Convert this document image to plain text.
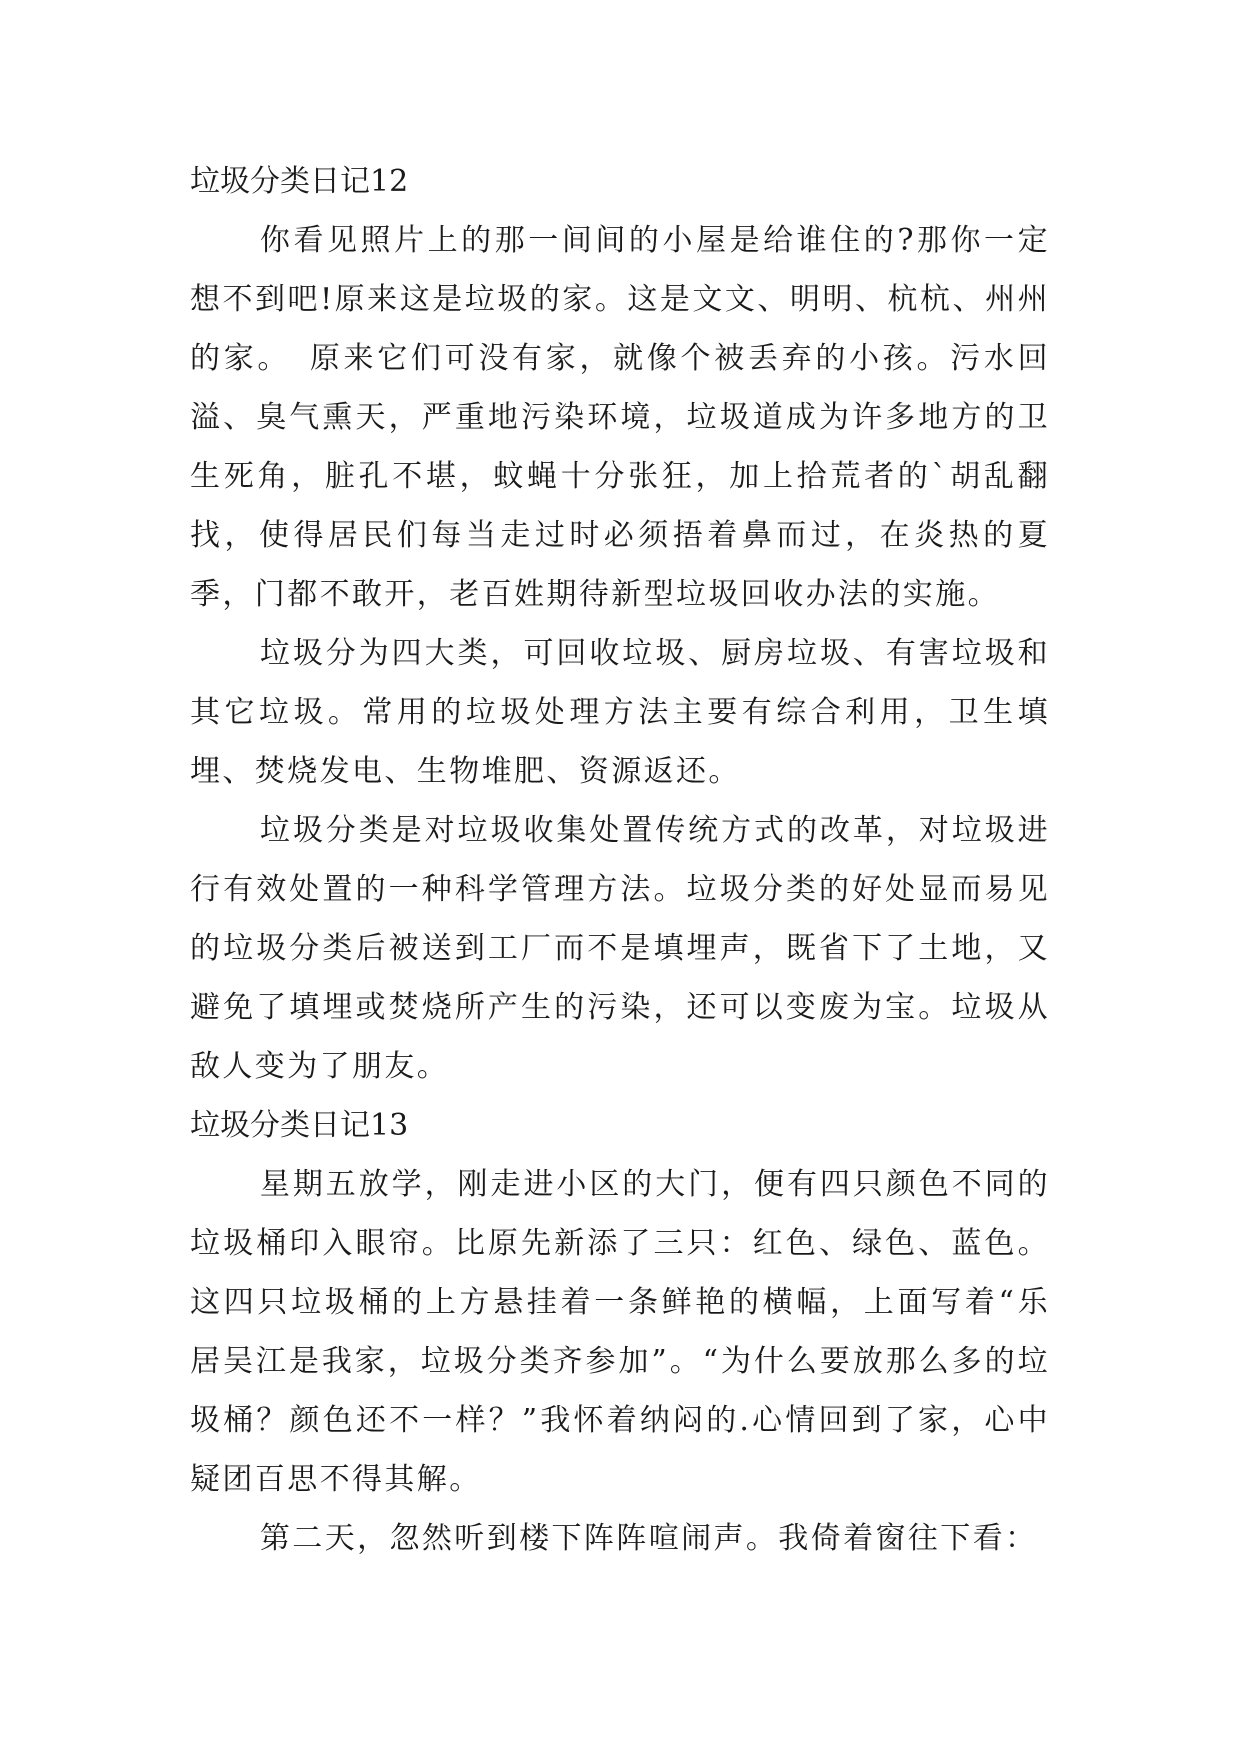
垃圾分类日记12

你看见照片上的那一间间的小屋是给谁住的?那你一定想不到吧!原来这是垃圾的家。这是文文、明明、杭杭、州州的家。　原来它们可没有家，就像个被丢弃的小孩。污水回溢、臭气熏天，严重地污染环境，垃圾道成为许多地方的卫生死角，脏孔不堪，蚊蝇十分张狂，加上拾荒者的`胡乱翻找，使得居民们每当走过时必须捂着鼻而过，在炎热的夏季，门都不敢开，老百姓期待新型垃圾回收办法的实施。

垃圾分为四大类，可回收垃圾、厨房垃圾、有害垃圾和其它垃圾。常用的垃圾处理方法主要有综合利用，卫生填埋、焚烧发电、生物堆肥、资源返还。

垃圾分类是对垃圾收集处置传统方式的改革，对垃圾进行有效处置的一种科学管理方法。垃圾分类的好处显而易见的垃圾分类后被送到工厂而不是填埋声，既省下了土地，又避免了填埋或焚烧所产生的污染，还可以变废为宝。垃圾从敌人变为了朋友。

垃圾分类日记13

星期五放学，刚走进小区的大门，便有四只颜色不同的垃圾桶印入眼帘。比原先新添了三只：红色、绿色、蓝色。这四只垃圾桶的上方悬挂着一条鲜艳的横幅，上面写着“乐居吴江是我家，垃圾分类齐参加”。“为什么要放那么多的垃圾桶？颜色还不一样？”我怀着纳闷的.心情回到了家，心中疑团百思不得其解。

第二天，忽然听到楼下阵阵喧闹声。我倚着窗往下看：
